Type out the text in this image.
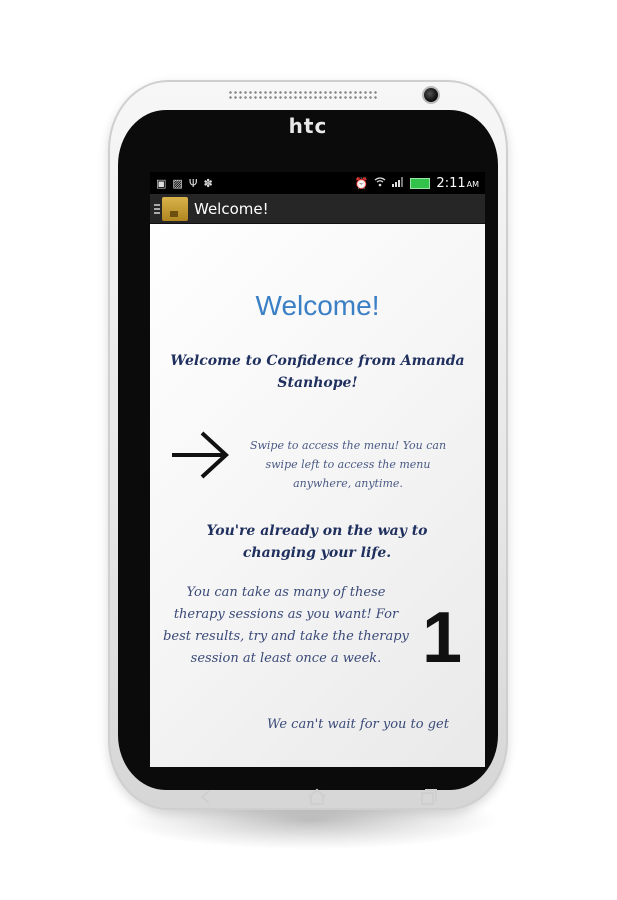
htc
▣ ▨ Ψ ✽	⏰	2:11AM
Welcome!
Welcome!
Welcome to Confidence from Amanda Stanhope!
Swipe to access the menu! You can swipe left to access the menu anywhere, anytime.
You're already on the way to changing your life.
You can take as many of these therapy sessions as you want! For best results, try and take the therapy session at least once a week. 1
We can't wait for you to get
